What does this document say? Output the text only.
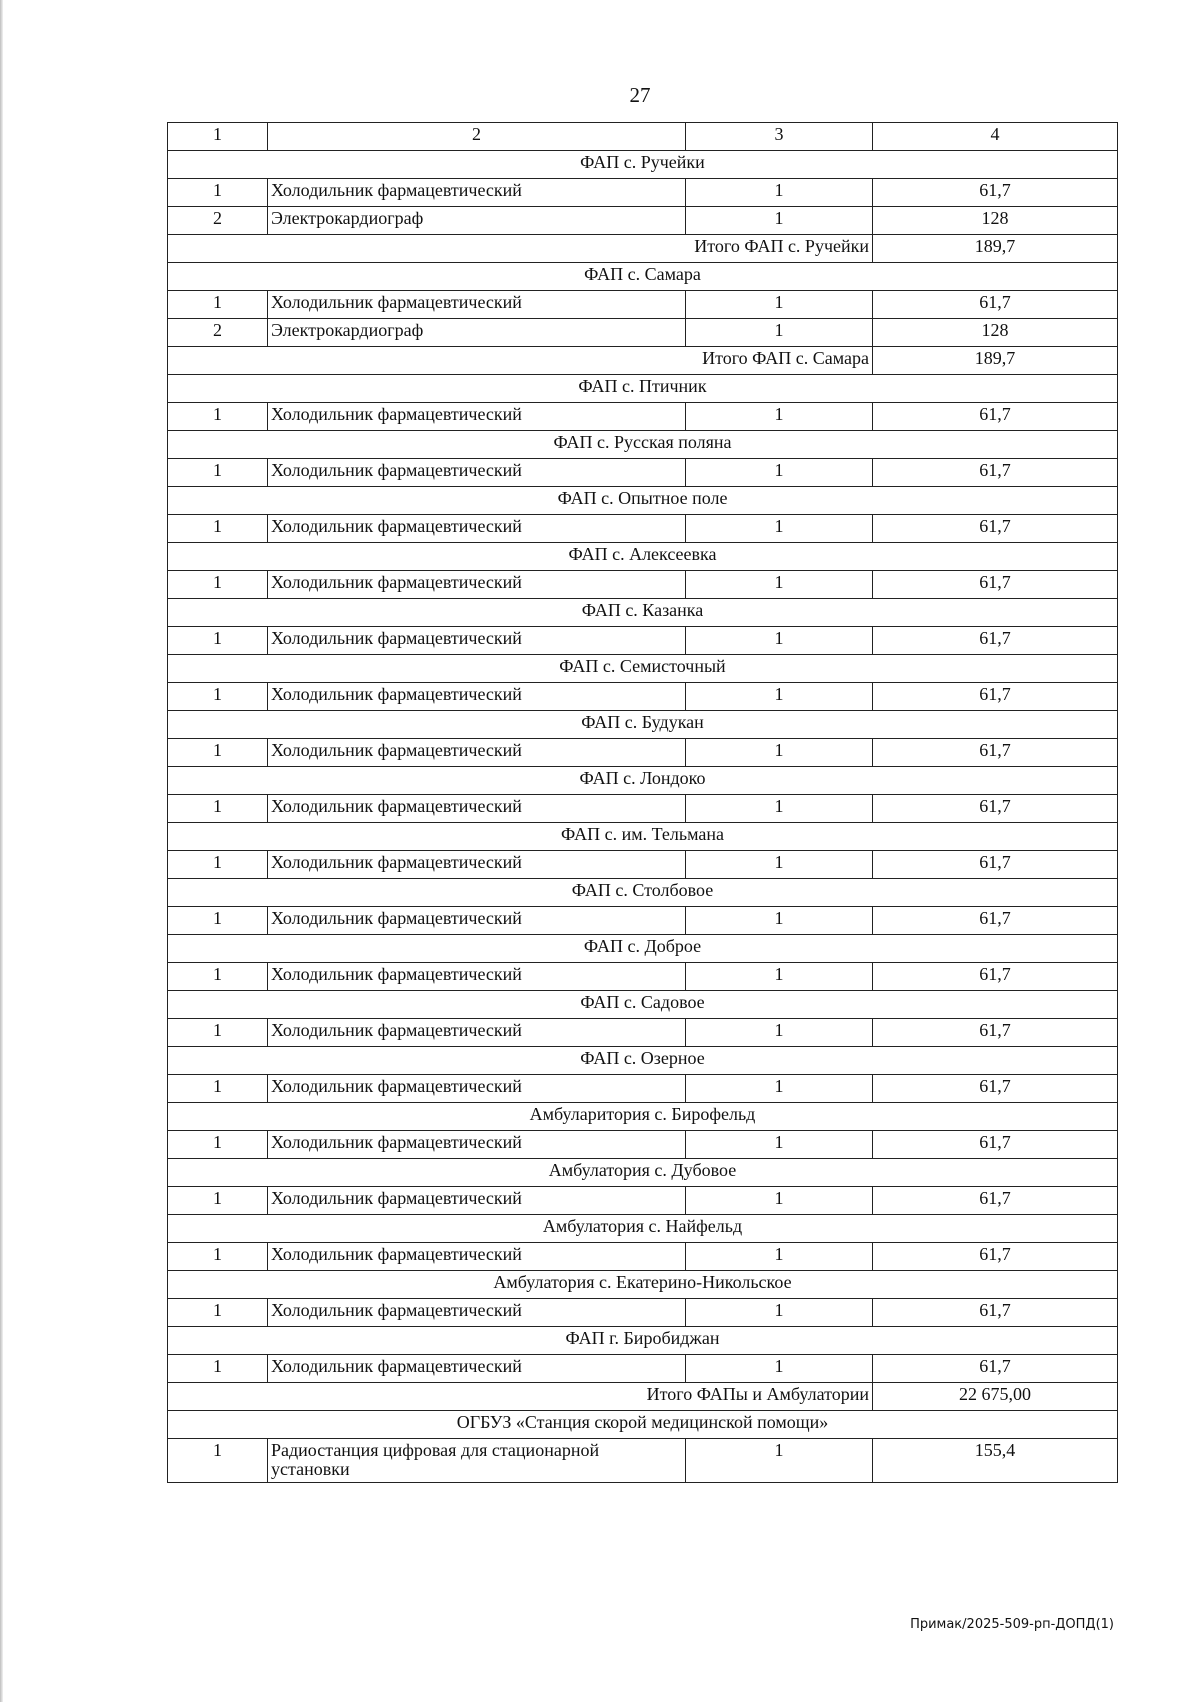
27
1	2	3	4
ФАП с. Ручейки			
1	Холодильник фармацевтический	1	61,7
2	Электрокардиограф	1	128
Итого ФАП с. Ручейки			189,7
ФАП с. Самара			
1	Холодильник фармацевтический	1	61,7
2	Электрокардиограф	1	128
Итого ФАП с. Самара			189,7
ФАП с. Птичник			
1	Холодильник фармацевтический	1	61,7
ФАП с. Русская поляна			
1	Холодильник фармацевтический	1	61,7
ФАП с. Опытное поле			
1	Холодильник фармацевтический	1	61,7
ФАП с. Алексеевка			
1	Холодильник фармацевтический	1	61,7
ФАП с. Казанка			
1	Холодильник фармацевтический	1	61,7
ФАП с. Семисточный			
1	Холодильник фармацевтический	1	61,7
ФАП с. Будукан			
1	Холодильник фармацевтический	1	61,7
ФАП с. Лондоко			
1	Холодильник фармацевтический	1	61,7
ФАП с. им. Тельмана			
1	Холодильник фармацевтический	1	61,7
ФАП с. Столбовое			
1	Холодильник фармацевтический	1	61,7
ФАП с. Доброе			
1	Холодильник фармацевтический	1	61,7
ФАП с. Садовое			
1	Холодильник фармацевтический	1	61,7
ФАП с. Озерное			
1	Холодильник фармацевтический	1	61,7
Амбуларитория с. Бирофельд			
1	Холодильник фармацевтический	1	61,7
Амбулатория с. Дубовое			
1	Холодильник фармацевтический	1	61,7
Амбулатория с. Найфельд			
1	Холодильник фармацевтический	1	61,7
Амбулатория с. Екатерино-Никольское			
1	Холодильник фармацевтический	1	61,7
ФАП г. Биробиджан			
1	Холодильник фармацевтический	1	61,7
Итого ФАПы и Амбулатории			22 675,00
ОГБУЗ «Станция скорой медицинской помощи»			
1	Радиостанция цифровая для стационарной установки	1	155,4
Примак/2025-509-рп-ДОПД(1)
